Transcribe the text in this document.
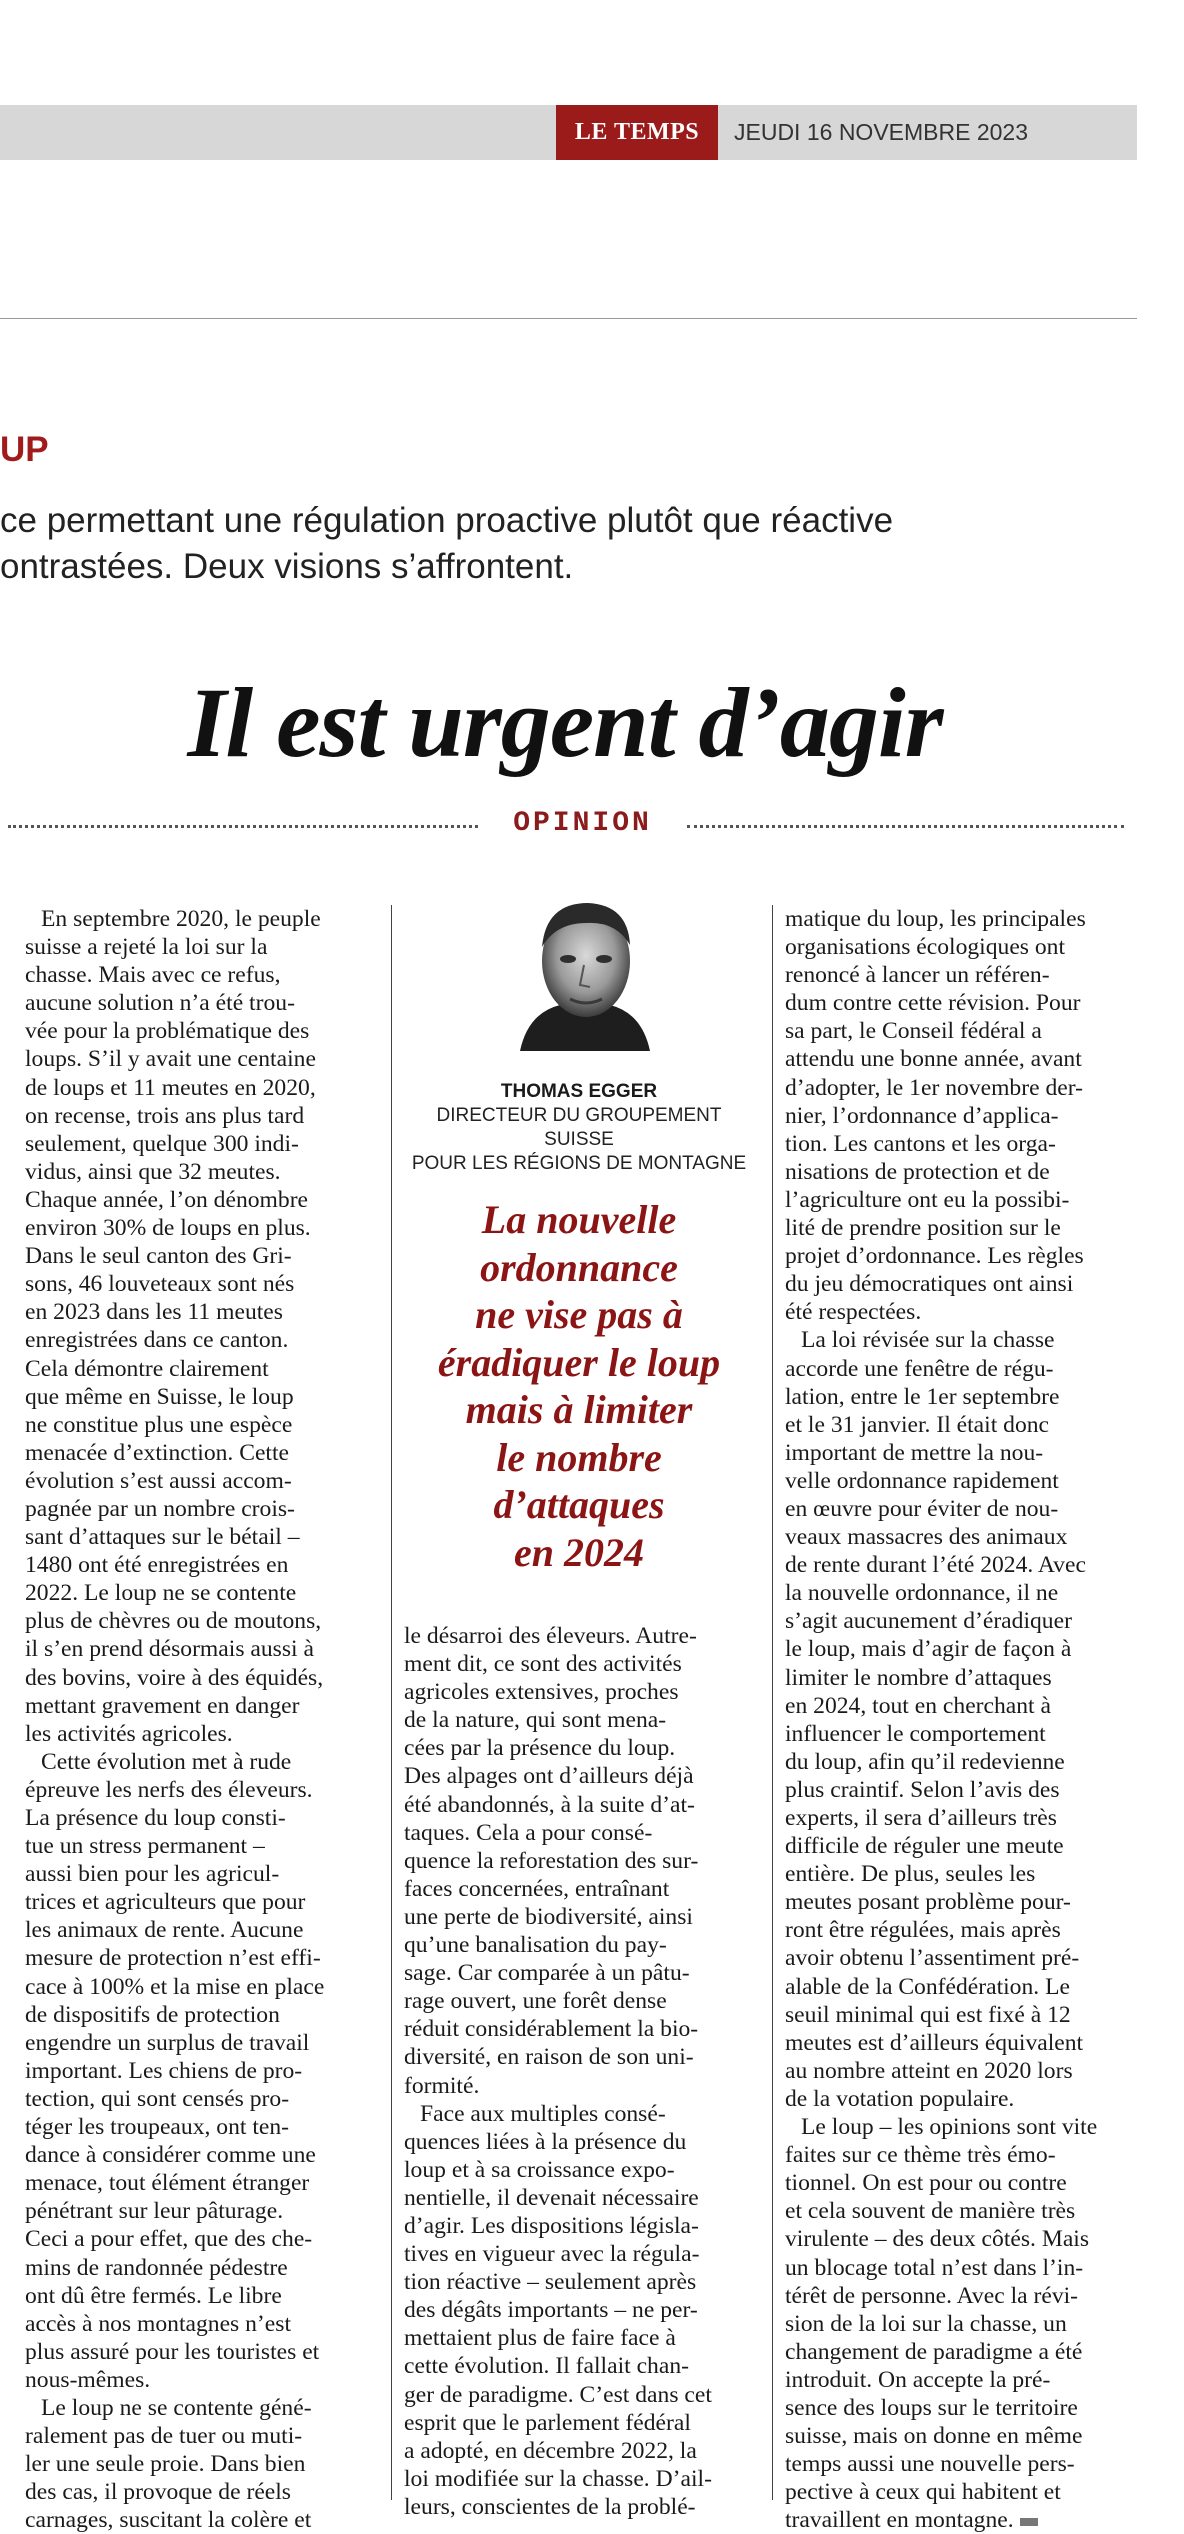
LE TEMPS	JEUDI 16 NOVEMBRE 2023
UP
ce permettant une régulation proactive plutôt que réactive
ontrastées. Deux visions s’affrontent.
Il est urgent d’agir
OPINION
THOMAS EGGER
DIRECTEUR DU GROUPEMENT SUISSE
POUR LES RÉGIONS DE MONTAGNE
La nouvelle
ordonnance
ne vise pas à
éradiquer le loup
mais à limiter
le nombre
d’attaques
en 2024
En septembre 2020, le peuple
suisse a rejeté la loi sur la
chasse. Mais avec ce refus,
aucune solution n’a été trou-
vée pour la problématique des
loups. S’il y avait une centaine
de loups et 11 meutes en 2020,
on recense, trois ans plus tard
seulement, quelque 300 indi-
vidus, ainsi que 32 meutes.
Chaque année, l’on dénombre
environ 30% de loups en plus.
Dans le seul canton des Gri-
sons, 46 louveteaux sont nés
en 2023 dans les 11 meutes
enregistrées dans ce canton.
Cela démontre clairement
que même en Suisse, le loup
ne constitue plus une espèce
menacée d’extinction. Cette
évolution s’est aussi accom-
pagnée par un nombre crois-
sant d’attaques sur le bétail –
1480 ont été enregistrées en
2022. Le loup ne se contente
plus de chèvres ou de moutons,
il s’en prend désormais aussi à
des bovins, voire à des équidés,
mettant gravement en danger
les activités agricoles.
Cette évolution met à rude
épreuve les nerfs des éleveurs.
La présence du loup consti-
tue un stress permanent –
aussi bien pour les agricul-
trices et agriculteurs que pour
les animaux de rente. Aucune
mesure de protection n’est effi-
cace à 100% et la mise en place
de dispositifs de protection
engendre un surplus de travail
important. Les chiens de pro-
tection, qui sont censés pro-
téger les troupeaux, ont ten-
dance à considérer comme une
menace, tout élément étranger
pénétrant sur leur pâturage.
Ceci a pour effet, que des che-
mins de randonnée pédestre
ont dû être fermés. Le libre
accès à nos montagnes n’est
plus assuré pour les touristes et
nous-mêmes.
Le loup ne se contente géné-
ralement pas de tuer ou muti-
ler une seule proie. Dans bien
des cas, il provoque de réels
carnages, suscitant la colère et
le désarroi des éleveurs. Autre-
ment dit, ce sont des activités
agricoles extensives, proches
de la nature, qui sont mena-
cées par la présence du loup.
Des alpages ont d’ailleurs déjà
été abandonnés, à la suite d’at-
taques. Cela a pour consé-
quence la reforestation des sur-
faces concernées, entraînant
une perte de biodiversité, ainsi
qu’une banalisation du pay-
sage. Car comparée à un pâtu-
rage ouvert, une forêt dense
réduit considérablement la bio-
diversité, en raison de son uni-
formité.
Face aux multiples consé-
quences liées à la présence du
loup et à sa croissance expo-
nentielle, il devenait nécessaire
d’agir. Les dispositions législa-
tives en vigueur avec la régula-
tion réactive – seulement après
des dégâts importants – ne per-
mettaient plus de faire face à
cette évolution. Il fallait chan-
ger de paradigme. C’est dans cet
esprit que le parlement fédéral
a adopté, en décembre 2022, la
loi modifiée sur la chasse. D’ail-
leurs, conscientes de la problé-
matique du loup, les principales
organisations écologiques ont
renoncé à lancer un référen-
dum contre cette révision. Pour
sa part, le Conseil fédéral a
attendu une bonne année, avant
d’adopter, le 1er novembre der-
nier, l’ordonnance d’applica-
tion. Les cantons et les orga-
nisations de protection et de
l’agriculture ont eu la possibi-
lité de prendre position sur le
projet d’ordonnance. Les règles
du jeu démocratiques ont ainsi
été respectées.
La loi révisée sur la chasse
accorde une fenêtre de régu-
lation, entre le 1er septembre
et le 31 janvier. Il était donc
important de mettre la nou-
velle ordonnance rapidement
en œuvre pour éviter de nou-
veaux massacres des animaux
de rente durant l’été 2024. Avec
la nouvelle ordonnance, il ne
s’agit aucunement d’éradiquer
le loup, mais d’agir de façon à
limiter le nombre d’attaques
en 2024, tout en cherchant à
influencer le comportement
du loup, afin qu’il redevienne
plus craintif. Selon l’avis des
experts, il sera d’ailleurs très
difficile de réguler une meute
entière. De plus, seules les
meutes posant problème pour-
ront être régulées, mais après
avoir obtenu l’assentiment pré-
alable de la Confédération. Le
seuil minimal qui est fixé à 12
meutes est d’ailleurs équivalent
au nombre atteint en 2020 lors
de la votation populaire.
Le loup – les opinions sont vite
faites sur ce thème très émo-
tionnel. On est pour ou contre
et cela souvent de manière très
virulente – des deux côtés. Mais
un blocage total n’est dans l’in-
térêt de personne. Avec la révi-
sion de la loi sur la chasse, un
changement de paradigme a été
introduit. On accepte la pré-
sence des loups sur le territoire
suisse, mais on donne en même
temps aussi une nouvelle pers-
pective à ceux qui habitent et
travaillent en montagne.
